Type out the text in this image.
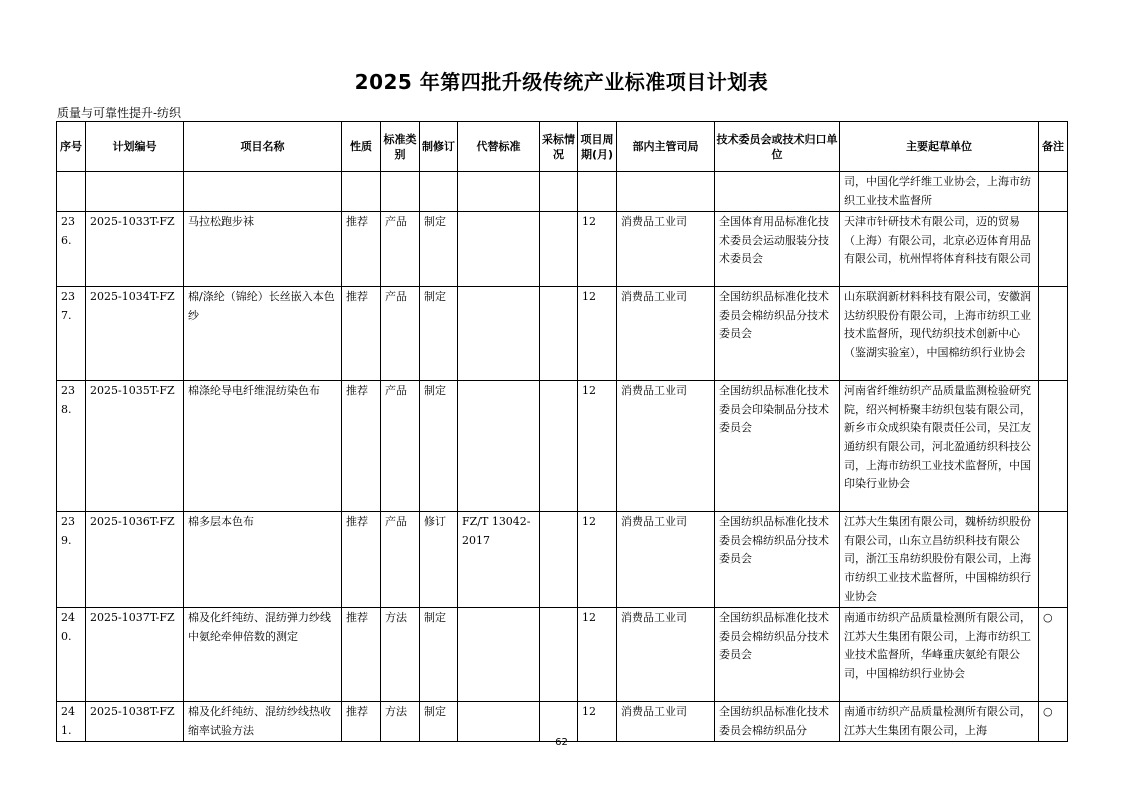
2025 年第四批升级传统产业标准项目计划表
质量与可靠性提升-纺织
序号	计划编号	项目名称	性质	标准类别	制修订	代替标准	采标情况	项目周期(月)	部内主管司局	技术委员会或技术归口单位	主要起草单位	备注
											司，中国化学纤维工业协会，上海市纺织工业技术监督所	
236.	2025-1033T-FZ	马拉松跑步袜	推荐	产品	制定			12	消费品工业司	全国体育用品标准化技术委员会运动服装分技术委员会	天津市针研技术有限公司，迈的贸易（上海）有限公司，北京必迈体育用品有限公司，杭州悍将体育科技有限公司	
237.	2025-1034T-FZ	棉/涤纶（锦纶）长丝嵌入本色纱	推荐	产品	制定			12	消费品工业司	全国纺织品标准化技术委员会棉纺织品分技术委员会	山东联润新材料科技有限公司，安徽润达纺织股份有限公司，上海市纺织工业技术监督所，现代纺织技术创新中心（鉴湖实验室），中国棉纺织行业协会	
238.	2025-1035T-FZ	棉涤纶导电纤维混纺染色布	推荐	产品	制定			12	消费品工业司	全国纺织品标准化技术委员会印染制品分技术委员会	河南省纤维纺织产品质量监测检验研究院，绍兴柯桥聚丰纺织包装有限公司，新乡市众成织染有限责任公司，吴江友通纺织有限公司，河北盈通纺织科技公司，上海市纺织工业技术监督所，中国印染行业协会	
239.	2025-1036T-FZ	棉多层本色布	推荐	产品	修订	FZ/T 13042-2017		12	消费品工业司	全国纺织品标准化技术委员会棉纺织品分技术委员会	江苏大生集团有限公司，魏桥纺织股份有限公司，山东立昌纺织科技有限公司，浙江玉帛纺织股份有限公司，上海市纺织工业技术监督所，中国棉纺织行业协会	
240.	2025-1037T-FZ	棉及化纤纯纺、混纺弹力纱线中氨纶牵伸倍数的测定	推荐	方法	制定			12	消费品工业司	全国纺织品标准化技术委员会棉纺织品分技术委员会	南通市纺织产品质量检测所有限公司，江苏大生集团有限公司，上海市纺织工业技术监督所，华峰重庆氨纶有限公司，中国棉纺织行业协会	○
241.	2025-1038T-FZ	棉及化纤纯纺、混纺纱线热收缩率试验方法	推荐	方法	制定			12	消费品工业司	全国纺织品标准化技术委员会棉纺织品分	南通市纺织产品质量检测所有限公司，江苏大生集团有限公司，上海	○
62
